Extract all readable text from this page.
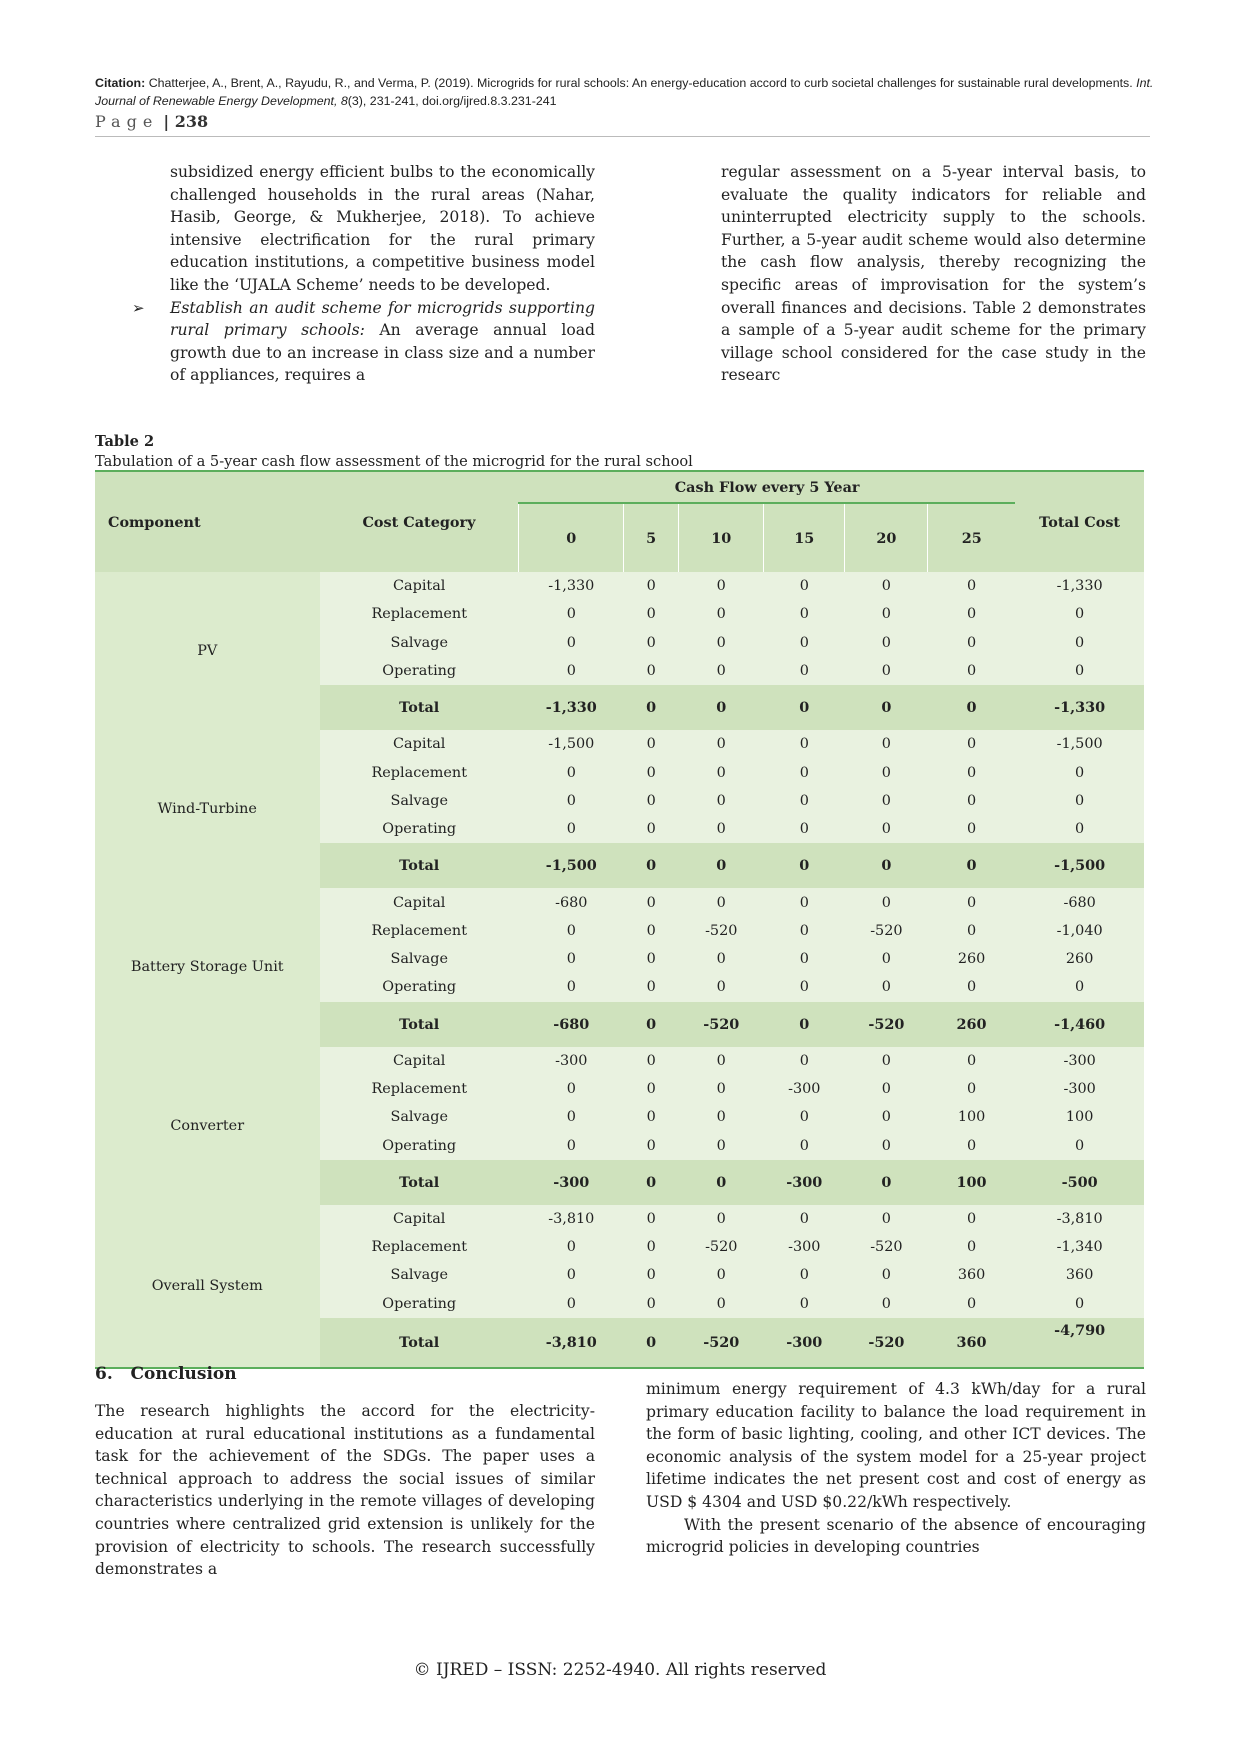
Citation: Chatterjee, A., Brent, A., Rayudu, R., and Verma, P. (2019). Microgrids for rural schools: An energy-education accord to curb societal challenges for sustainable rural developments. Int. Journal of Renewable Energy Development, 8(3), 231-241, doi.org/ijred.8.3.231-241
Page | 238

subsidized energy efficient bulbs to the economically challenged households in the rural areas (Nahar, Hasib, George, & Mukherjee, 2018). To achieve intensive electrification for the rural primary education institutions, a competitive business model like the ‘UJALA Scheme’ needs to be developed.

➢ Establish an audit scheme for microgrids supporting rural primary schools: An average annual load growth due to an increase in class size and a number of appliances, requires a

regular assessment on a 5-year interval basis, to evaluate the quality indicators for reliable and uninterrupted electricity supply to the schools. Further, a 5-year audit scheme would also determine the cash flow analysis, thereby recognizing the specific areas of improvisation for the system’s overall finances and decisions. Table 2 demonstrates a sample of a 5-year audit scheme for the primary village school considered for the case study in the researc

Table 2
Tabulation of a 5-year cash flow assessment of the microgrid for the rural school
Component	Cost Category	Cash Flow every 5 Year						Total Cost
		0	5	10	15	20	25	
PV	Capital	-1,330	0	0	0	0	0	-1,330
	Replacement	0	0	0	0	0	0	0
	Salvage	0	0	0	0	0	0	0
	Operating	0	0	0	0	0	0	0
	Total	-1,330	0	0	0	0	0	-1,330
Wind-Turbine	Capital	-1,500	0	0	0	0	0	-1,500
	Replacement	0	0	0	0	0	0	0
	Salvage	0	0	0	0	0	0	0
	Operating	0	0	0	0	0	0	0
	Total	-1,500	0	0	0	0	0	-1,500
Battery Storage Unit	Capital	-680	0	0	0	0	0	-680
	Replacement	0	0	-520	0	-520	0	-1,040
	Salvage	0	0	0	0	0	260	260
	Operating	0	0	0	0	0	0	0
	Total	-680	0	-520	0	-520	260	-1,460
Converter	Capital	-300	0	0	0	0	0	-300
	Replacement	0	0	0	-300	0	0	-300
	Salvage	0	0	0	0	0	100	100
	Operating	0	0	0	0	0	0	0
	Total	-300	0	0	-300	0	100	-500
Overall System	Capital	-3,810	0	0	0	0	0	-3,810
	Replacement	0	0	-520	-300	-520	0	-1,340
	Salvage	0	0	0	0	0	360	360
	Operating	0	0	0	0	0	0	0
	Total	-3,810	0	-520	-300	-520	360	-4,790
6.   Conclusion

The research highlights the accord for the electricity-education at rural educational institutions as a fundamental task for the achievement of the SDGs. The paper uses a technical approach to address the social issues of similar characteristics underlying in the remote villages of developing countries where centralized grid extension is unlikely for the provision of electricity to schools. The research successfully demonstrates a

minimum energy requirement of 4.3 kWh/day for a rural primary education facility to balance the load requirement in the form of basic lighting, cooling, and other ICT devices. The economic analysis of the system model for a 25-year project lifetime indicates the net present cost and cost of energy as USD $ 4304 and USD $0.22/kWh respectively.

With the present scenario of the absence of encouraging microgrid policies in developing countries

© IJRED – ISSN: 2252-4940. All rights reserved
